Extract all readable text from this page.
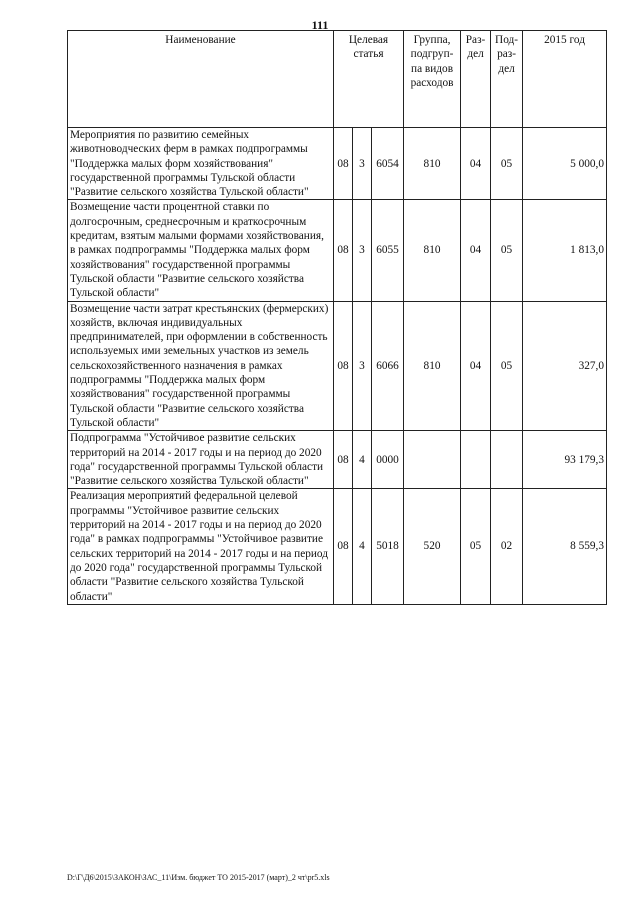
111
Наименование	Целевая статья			Группа, подгруп-па видов расходов	Раз-дел	Под-раз-дел	2015 год
Мероприятия по развитию семейных животноводческих ферм в рамках подпрограммы "Поддержка малых форм хозяйствования" государственной программы Тульской области "Развитие сельского хозяйства Тульской области"	08	3	6054	810	04	05	5 000,0
Возмещение части процентной ставки по долгосрочным, среднесрочным и краткосрочным кредитам, взятым малыми формами хозяйствования, в рамках подпрограммы "Поддержка малых форм хозяйствования" государственной программы Тульской области "Развитие сельского хозяйства Тульской области"	08	3	6055	810	04	05	1 813,0
Возмещение части затрат крестьянских (фермерских) хозяйств, включая индивидуальных предпринимателей, при оформлении в собственность используемых ими земельных участков из земель сельскохозяйственного назначения в рамках подпрограммы "Поддержка малых форм хозяйствования" государственной программы Тульской области "Развитие сельского хозяйства Тульской области"	08	3	6066	810	04	05	327,0
Подпрограмма "Устойчивое развитие сельских территорий на 2014 - 2017 годы и на период до 2020 года" государственной программы Тульской области "Развитие сельского хозяйства Тульской области"	08	4	0000				93 179,3
Реализация мероприятий федеральной целевой программы "Устойчивое развитие сельских территорий на 2014 - 2017 годы и на период до 2020 года" в рамках подпрограммы "Устойчивое развитие сельских территорий на 2014 - 2017 годы и на период до 2020 года" государственной программы Тульской области "Развитие сельского хозяйства Тульской области"	08	4	5018	520	05	02	8 559,3
D:\Г\Д6\2015\ЗАКОН\ЗАС_11\Изм. бюджет ТО 2015-2017 (март)_2 чт\pr5.xls
